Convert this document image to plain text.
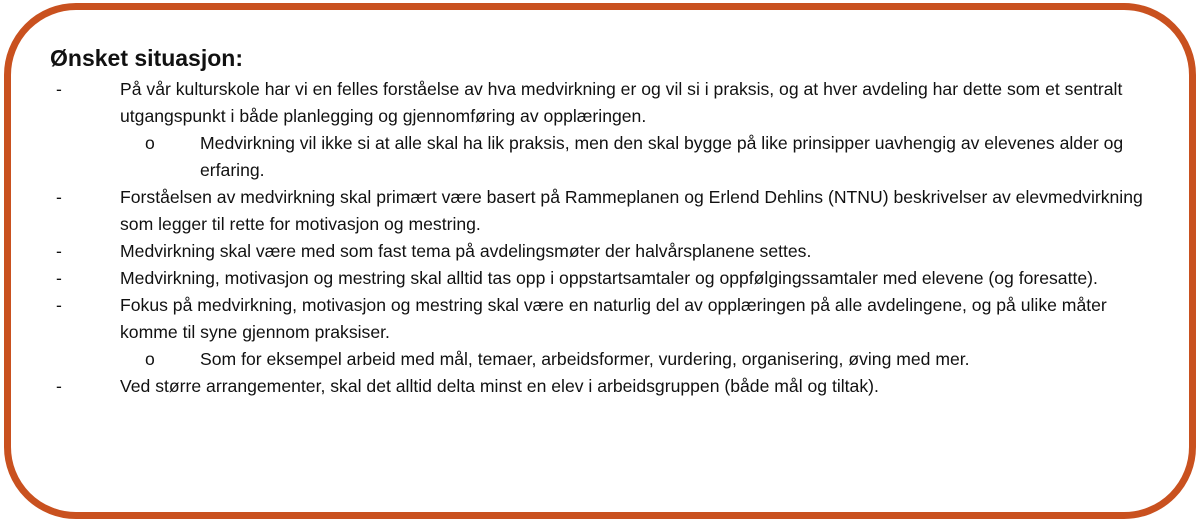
Ønsket situasjon:
-	På vår kulturskole har vi en felles forståelse av hva medvirkning er og vil si i praksis, og at hver avdeling har dette som et sentralt utgangspunkt i både planlegging og gjennomføring av opplæringen.
o	Medvirkning vil ikke si at alle skal ha lik praksis, men den skal bygge på like prinsipper uavhengig av elevenes alder og erfaring.
-	Forståelsen av medvirkning skal primært være basert på Rammeplanen og Erlend Dehlins (NTNU) beskrivelser av elevmedvirkning som legger til rette for motivasjon og mestring.
-	Medvirkning skal være med som fast tema på avdelingsmøter der halvårsplanene settes.
-	Medvirkning, motivasjon og mestring skal alltid tas opp i oppstartsamtaler og oppfølgingssamtaler med elevene (og foresatte).
-	Fokus på medvirkning, motivasjon og mestring skal være en naturlig del av opplæringen på alle avdelingene, og på ulike måter komme til syne gjennom praksiser.
o	Som for eksempel arbeid med mål, temaer, arbeidsformer, vurdering, organisering, øving med mer.
-	Ved større arrangementer, skal det alltid delta minst en elev i arbeidsgruppen (både mål og tiltak).
